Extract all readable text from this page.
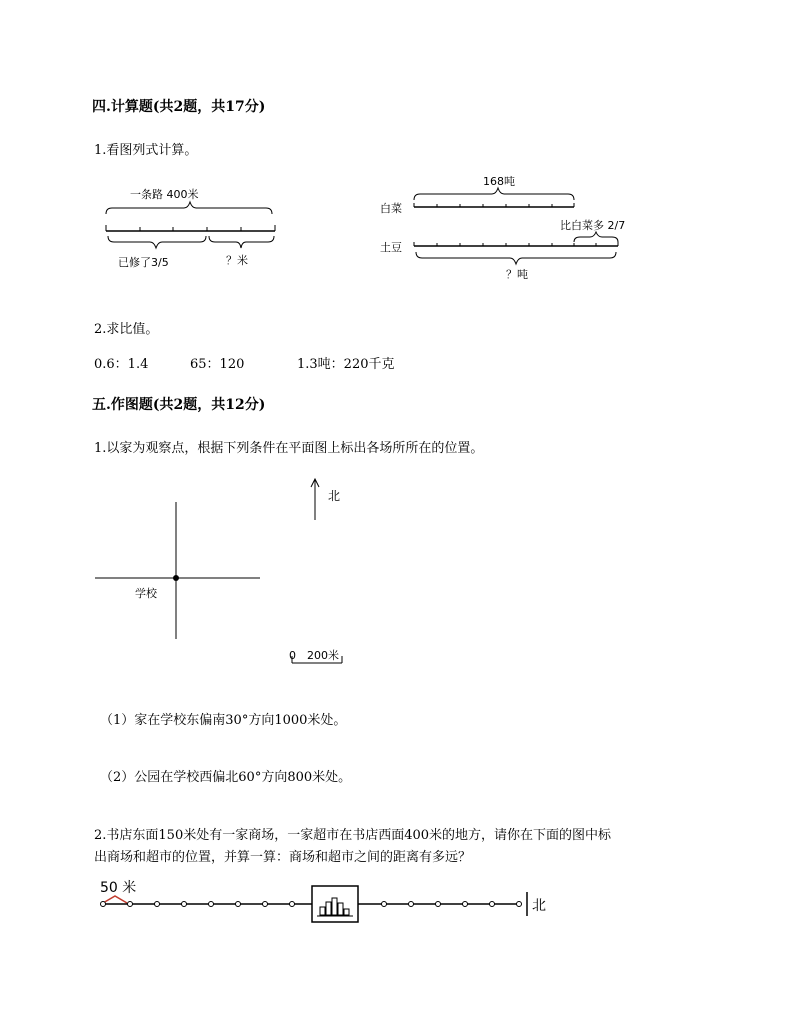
四.计算题(共2题，共17分)
1.看图列式计算。
一条路 400米
已修了3/5	？米
168吨
白菜
比白菜多 2/7
土豆
？吨
2.求比值。
0.6：1.4	65：120	1.3吨：220千克
五.作图题(共2题，共12分)
1.以家为观察点，根据下列条件在平面图上标出各场所所在的位置。
北
学校
0 200米
（1）家在学校东偏南30°方向1000米处。
（2）公园在学校西偏北60°方向800米处。
2.书店东面150米处有一家商场，一家超市在书店西面400米的地方，请你在下面的图中标
出商场和超市的位置，并算一算：商场和超市之间的距离有多远？
50 米
北
